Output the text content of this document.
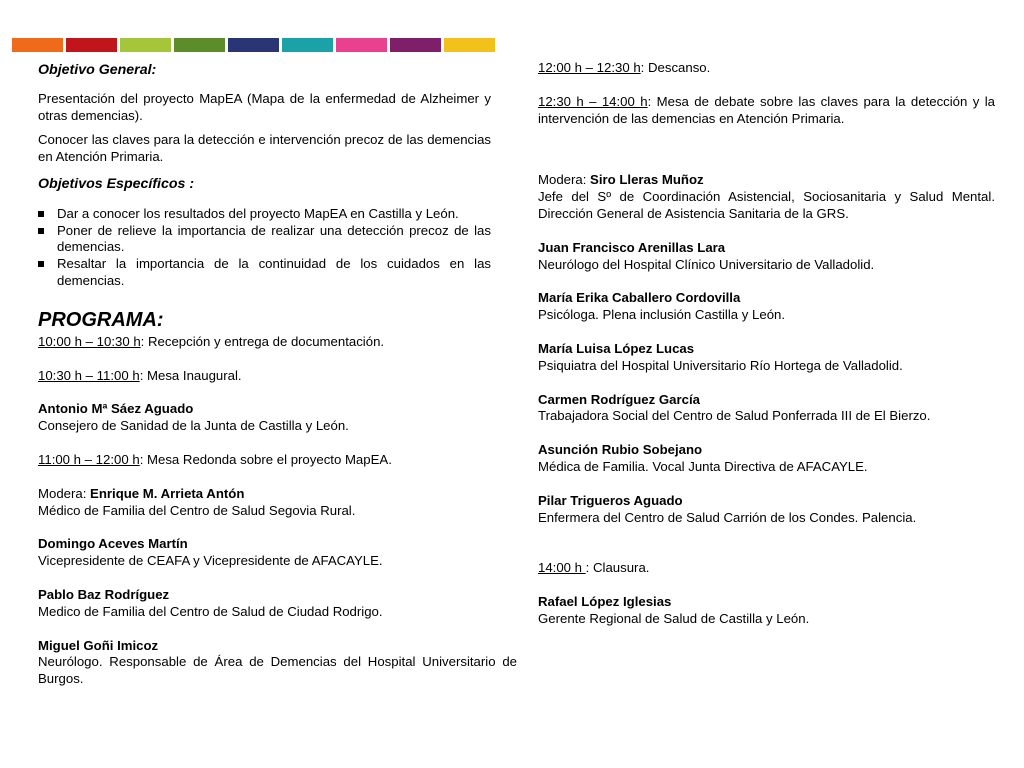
Objetivo General:

Presentación del proyecto MapEA (Mapa de la enfermedad de Alzheimer y otras demencias).

Conocer las claves para la detección e intervención precoz de las demencias en Atención Primaria.

Objetivos Específicos :
Dar a conocer los resultados del proyecto MapEA en Castilla y León.
Poner de relieve la importancia de realizar una detección precoz de las demencias.
Resaltar la importancia de la continuidad de los cuidados en las demencias.
PROGRAMA:
10:00 h – 10:30 h: Recepción y entrega de documentación.
10:30 h – 11:00 h: Mesa Inaugural.
Antonio Mª Sáez Aguado
Consejero de Sanidad de la Junta de Castilla y León.
11:00 h – 12:00 h: Mesa Redonda sobre el proyecto MapEA.
Modera: Enrique M. Arrieta Antón
Médico de Familia del Centro de Salud Segovia Rural.
Domingo Aceves Martín
Vicepresidente de CEAFA y Vicepresidente de AFACAYLE.
Pablo Baz Rodríguez
Medico de Familia del Centro de Salud de Ciudad Rodrigo.
Miguel Goñi Imicoz
Neurólogo. Responsable de Área de Demencias del Hospital Universitario de Burgos.
12:00 h – 12:30 h: Descanso.
12:30 h – 14:00 h: Mesa de debate sobre las claves para la detección y la intervención de las demencias en Atención Primaria.
Modera: Siro Lleras Muñoz
Jefe del Sº de Coordinación Asistencial, Sociosanitaria y Salud Mental. Dirección General de Asistencia Sanitaria de la GRS.
Juan Francisco Arenillas Lara
Neurólogo del Hospital Clínico Universitario de Valladolid.
María Erika Caballero Cordovilla
Psicóloga. Plena inclusión Castilla y León.
María Luisa López Lucas
Psiquiatra del Hospital Universitario Río Hortega de Valladolid.
Carmen Rodríguez García
Trabajadora Social del Centro de Salud Ponferrada III de El Bierzo.
Asunción Rubio Sobejano
Médica de Familia. Vocal Junta Directiva de AFACAYLE.
Pilar Trigueros Aguado
Enfermera del Centro de Salud Carrión de los Condes. Palencia.
14:00 h : Clausura.
Rafael López Iglesias
Gerente Regional de Salud de Castilla y León.
